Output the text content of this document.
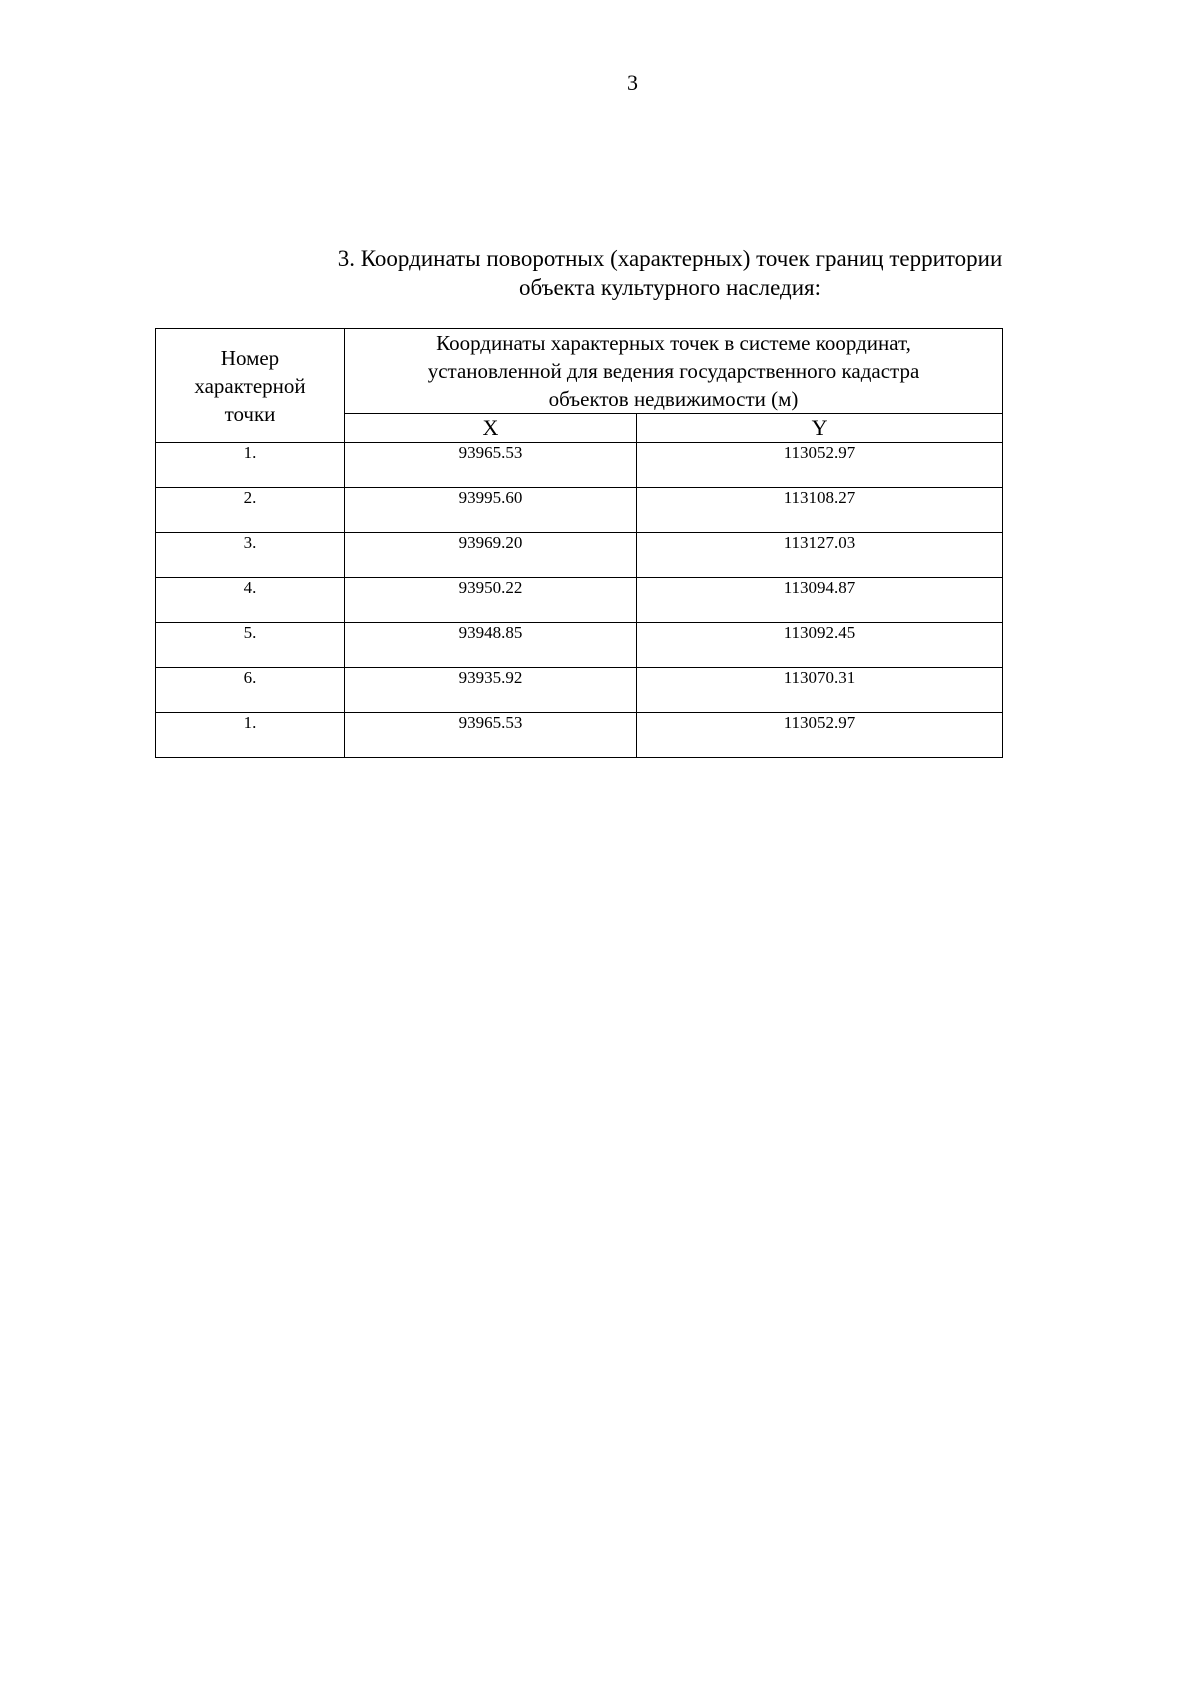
3
3. Координаты поворотных (характерных) точек границ территории
объекта культурного наследия:
Номер
характерной
точки	Координаты характерных точек в системе координат,
установленной для ведения государственного кадастра
объектов недвижимости (м)	

	X	Y
1.	93965.53	113052.97
2.	93995.60	113108.27
3.	93969.20	113127.03
4.	93950.22	113094.87
5.	93948.85	113092.45
6.	93935.92	113070.31
1.	93965.53	113052.97
